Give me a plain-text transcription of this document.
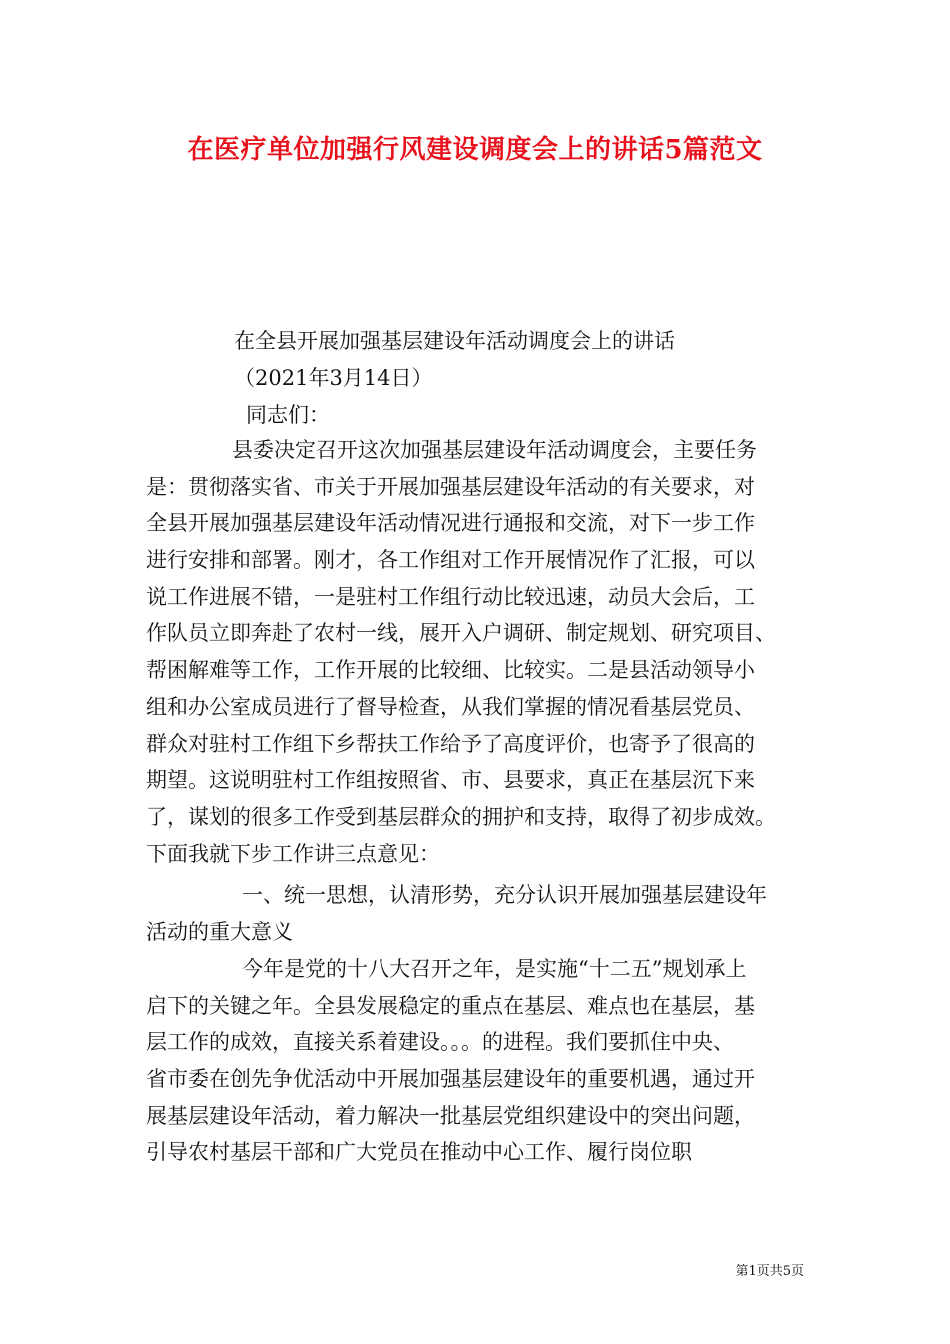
在医疗单位加强行风建设调度会上的讲话5篇范文
在全县开展加强基层建设年活动调度会上的讲话
（2021年3月14日）
同志们：
县委决定召开这次加强基层建设年活动调度会，主要任务
是：贯彻落实省、市关于开展加强基层建设年活动的有关要求，对
全县开展加强基层建设年活动情况进行通报和交流，对下一步工作
进行安排和部署。刚才，各工作组对工作开展情况作了汇报，可以
说工作进展不错，一是驻村工作组行动比较迅速，动员大会后，工
作队员立即奔赴了农村一线，展开入户调研、制定规划、研究项目、
帮困解难等工作，工作开展的比较细、比较实。二是县活动领导小
组和办公室成员进行了督导检查，从我们掌握的情况看基层党员、
群众对驻村工作组下乡帮扶工作给予了高度评价，也寄予了很高的
期望。这说明驻村工作组按照省、市、县要求，真正在基层沉下来
了，谋划的很多工作受到基层群众的拥护和支持，取得了初步成效。
下面我就下步工作讲三点意见：
一、统一思想，认清形势，充分认识开展加强基层建设年
活动的重大意义
今年是党的十八大召开之年，是实施“十二五”规划承上
启下的关键之年。全县发展稳定的重点在基层、难点也在基层，基
层工作的成效，直接关系着建设。。。的进程。我们要抓住中央、
省市委在创先争优活动中开展加强基层建设年的重要机遇，通过开
展基层建设年活动，着力解决一批基层党组织建设中的突出问题，
引导农村基层干部和广大党员在推动中心工作、履行岗位职
第1页共5页
